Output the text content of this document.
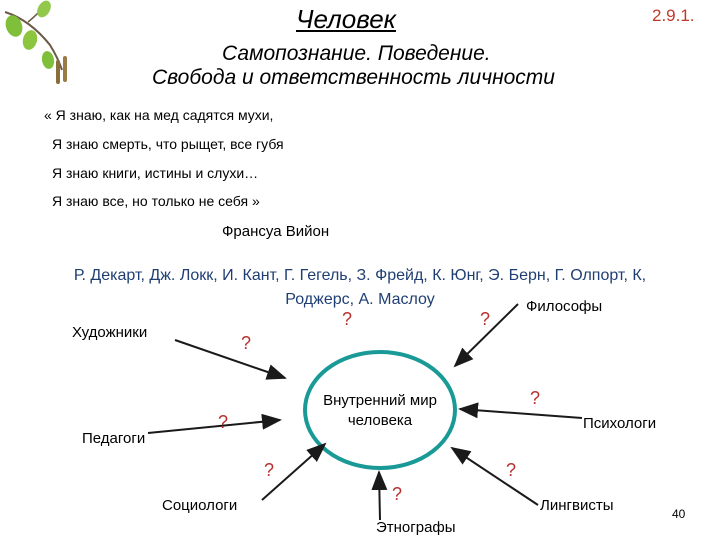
Человек	2.9.1.
Самопознание. Поведение.
Свобода и ответственность личности
« Я знаю, как на мед садятся мухи,
Я знаю смерть, что рыщет, все губя
Я знаю книги, истины и слухи…
Я знаю все, но только не себя »
Франсуа Вийон
Р. Декарт, Дж. Локк, И. Кант, Г. Гегель, З. Фрейд, К. Юнг, Э. Берн, Г. Олпорт, К,
Роджерс, А. Маслоу
Внутренний мир
человека
Философы
Художники
Педагоги
Психологи
Социологи
Этнографы
Лингвисты
?	?
?
?
?
?	?
?
40
